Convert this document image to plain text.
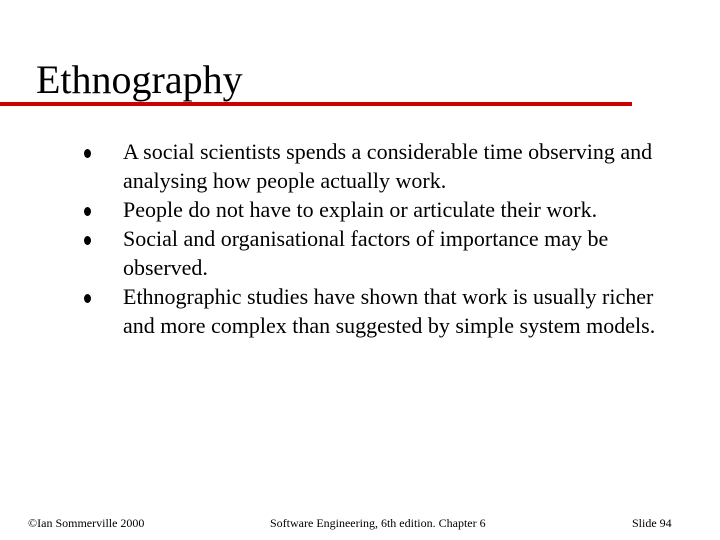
Ethnography
A social scientists spends a considerable time observing and analysing how people actually work.
People do not have to explain or articulate their work.
Social and organisational factors of importance may be observed.
Ethnographic studies have shown that work is usually richer and more complex than suggested by simple system models.
©Ian Sommerville 2000	Software Engineering, 6th edition. Chapter 6	Slide 94
